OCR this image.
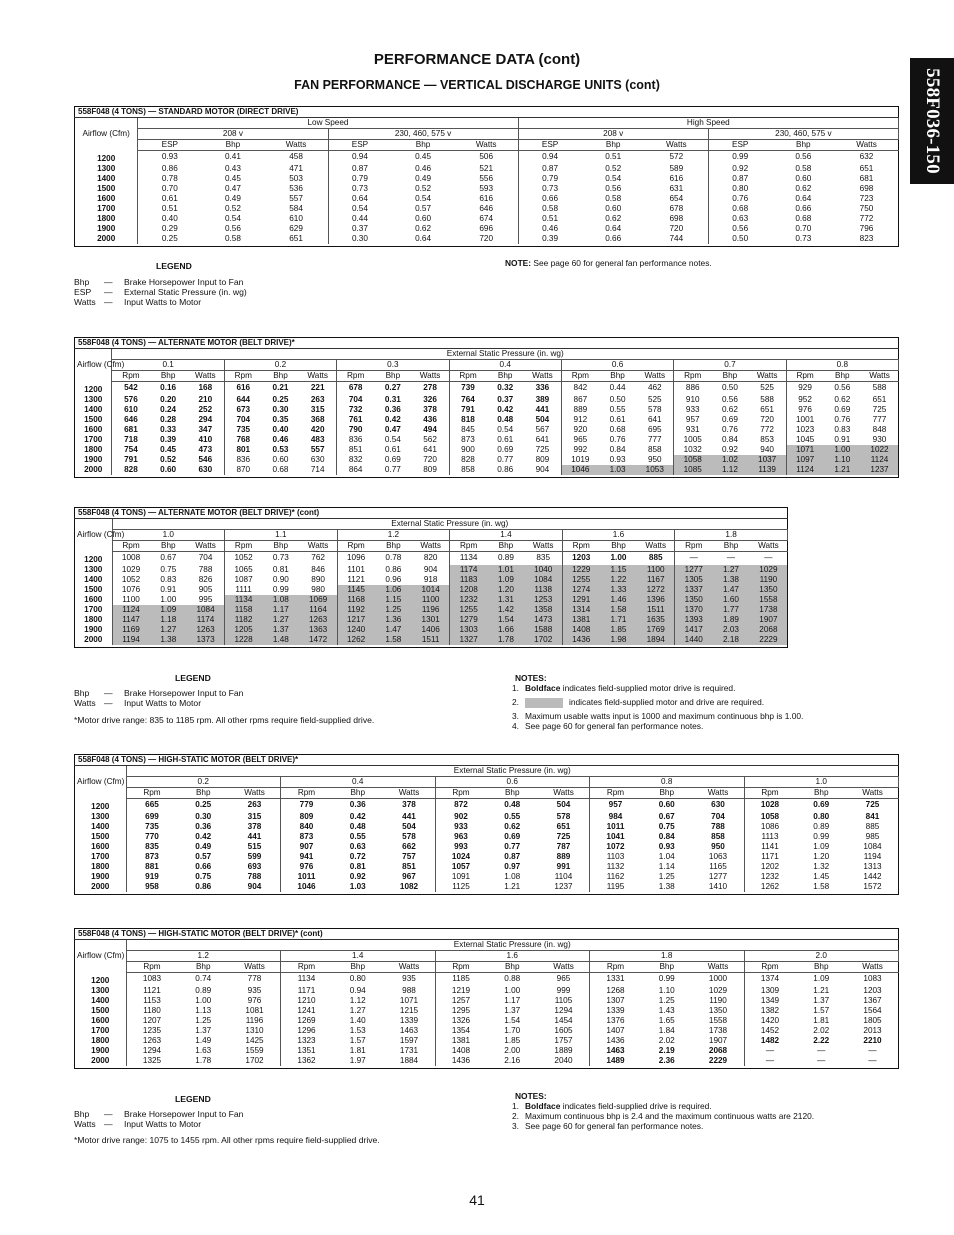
558F036-150
PERFORMANCE DATA (cont)
FAN PERFORMANCE — VERTICAL DISCHARGE UNITS (cont)
558F048 (4 TONS) — STANDARD MOTOR (DIRECT DRIVE)												
Airflow (Cfm)	Low Speed						High Speed					
	208 v			230, 460, 575 v			208 v			230, 460, 575 v		
	ESP	Bhp	Watts	ESP	Bhp	Watts	ESP	Bhp	Watts	ESP	Bhp	Watts
1200	0.93	0.41	458	0.94	0.45	506	0.94	0.51	572	0.99	0.56	632
1300	0.86	0.43	471	0.87	0.46	521	0.87	0.52	589	0.92	0.58	651
1400	0.78	0.45	503	0.79	0.49	556	0.79	0.54	616	0.87	0.60	681
1500	0.70	0.47	536	0.73	0.52	593	0.73	0.56	631	0.80	0.62	698
1600	0.61	0.49	557	0.64	0.54	616	0.66	0.58	654	0.76	0.64	723
1700	0.51	0.52	584	0.54	0.57	646	0.58	0.60	678	0.68	0.66	750
1800	0.40	0.54	610	0.44	0.60	674	0.51	0.62	698	0.63	0.68	772
1900	0.29	0.56	629	0.37	0.62	696	0.46	0.64	720	0.56	0.70	796
2000	0.25	0.58	651	0.30	0.64	720	0.39	0.66	744	0.50	0.73	823

LEGEND
Bhp	—	Brake Horsepower Input to Fan
ESP	—	External Static Pressure (in. wg)
Watts —	Input Watts to Motor
NOTE: See page 60 for general fan performance notes.
558F048 (4 TONS) — ALTERNATE MOTOR (BELT DRIVE)*																					
Airflow (Cfm)	External Static Pressure (in. wg)																				
	0.1			0.2			0.3			0.4			0.6			0.7			0.8		
	Rpm	Bhp	Watts	Rpm	Bhp	Watts	Rpm	Bhp	Watts	Rpm	Bhp	Watts	Rpm	Bhp	Watts	Rpm	Bhp	Watts	Rpm	Bhp	Watts
1200	542	0.16	168	616	0.21	221	678	0.27	278	739	0.32	336	842	0.44	462	886	0.50	525	929	0.56	588
1300	576	0.20	210	644	0.25	263	704	0.31	326	764	0.37	389	867	0.50	525	910	0.56	588	952	0.62	651
1400	610	0.24	252	673	0.30	315	732	0.36	378	791	0.42	441	889	0.55	578	933	0.62	651	976	0.69	725
1500	646	0.28	294	704	0.35	368	761	0.42	436	818	0.48	504	912	0.61	641	957	0.69	720	1001	0.76	777
1600	681	0.33	347	735	0.40	420	790	0.47	494	845	0.54	567	920	0.68	695	931	0.76	772	1023	0.83	848
1700	718	0.39	410	768	0.46	483	836	0.54	562	873	0.61	641	965	0.76	777	1005	0.84	853	1045	0.91	930
1800	754	0.45	473	801	0.53	557	851	0.61	641	900	0.69	725	992	0.84	858	1032	0.92	940	1071	1.00	1022
1900	791	0.52	546	836	0.60	630	832	0.69	720	828	0.77	809	1019	0.93	950	1058	1.02	1037	1097	1.10	1124
2000	828	0.60	630	870	0.68	714	864	0.77	809	858	0.86	904	1046	1.03	1053	1085	1.12	1139	1124	1.21	1237

558F048 (4 TONS) — ALTERNATE MOTOR (BELT DRIVE)* (cont)																		
Airflow (Cfm)	External Static Pressure (in. wg)																	
	1.0			1.1			1.2			1.4			1.6			1.8		
	Rpm	Bhp	Watts	Rpm	Bhp	Watts	Rpm	Bhp	Watts	Rpm	Bhp	Watts	Rpm	Bhp	Watts	Rpm	Bhp	Watts
1200	1008	0.67	704	1052	0.73	762	1096	0.78	820	1134	0.89	835	1203	1.00	885	—	—	—
1300	1029	0.75	788	1065	0.81	846	1101	0.86	904	1174	1.01	1040	1229	1.15	1100	1277	1.27	1029
1400	1052	0.83	826	1087	0.90	890	1121	0.96	918	1183	1.09	1084	1255	1.22	1167	1305	1.38	1190
1500	1076	0.91	905	1111	0.99	980	1145	1.06	1014	1208	1.20	1138	1274	1.33	1272	1337	1.47	1350
1600	1100	1.00	995	1134	1.08	1069	1168	1.15	1100	1232	1.31	1253	1291	1.46	1396	1350	1.60	1558
1700	1124	1.09	1084	1158	1.17	1164	1192	1.25	1196	1255	1.42	1358	1314	1.58	1511	1370	1.77	1738
1800	1147	1.18	1174	1182	1.27	1263	1217	1.36	1301	1279	1.54	1473	1381	1.71	1635	1393	1.89	1907
1900	1169	1.27	1263	1205	1.37	1363	1240	1.47	1406	1303	1.66	1588	1408	1.85	1769	1417	2.03	2068
2000	1194	1.38	1373	1228	1.48	1472	1262	1.58	1511	1327	1.78	1702	1436	1.98	1894	1440	2.18	2229

LEGEND
Bhp	—	Brake Horsepower Input to Fan
Watts —	Input Watts to Motor
*Motor drive range: 835 to 1185 rpm. All other rpms require field-supplied drive.
NOTES:
1. Boldface indicates field-supplied motor drive is required.
2.	indicates field-supplied motor and drive are required.
3. Maximum usable watts input is 1000 and maximum continuous bhp is 1.00.
4. See page 60 for general fan performance notes.
558F048 (4 TONS) — HIGH-STATIC MOTOR (BELT DRIVE)*															
Airflow (Cfm)	External Static Pressure (in. wg)														
	0.2			0.4			0.6			0.8			1.0		
	Rpm	Bhp	Watts	Rpm	Bhp	Watts	Rpm	Bhp	Watts	Rpm	Bhp	Watts	Rpm	Bhp	Watts
1200	665	0.25	263	779	0.36	378	872	0.48	504	957	0.60	630	1028	0.69	725
1300	699	0.30	315	809	0.42	441	902	0.55	578	984	0.67	704	1058	0.80	841
1400	735	0.36	378	840	0.48	504	933	0.62	651	1011	0.75	788	1086	0.89	885
1500	770	0.42	441	873	0.55	578	963	0.69	725	1041	0.84	858	1113	0.99	985
1600	835	0.49	515	907	0.63	662	993	0.77	787	1072	0.93	950	1141	1.09	1084
1700	873	0.57	599	941	0.72	757	1024	0.87	889	1103	1.04	1063	1171	1.20	1194
1800	881	0.66	693	976	0.81	851	1057	0.97	991	1132	1.14	1165	1202	1.32	1313
1900	919	0.75	788	1011	0.92	967	1091	1.08	1104	1162	1.25	1277	1232	1.45	1442
2000	958	0.86	904	1046	1.03	1082	1125	1.21	1237	1195	1.38	1410	1262	1.58	1572

558F048 (4 TONS) — HIGH-STATIC MOTOR (BELT DRIVE)* (cont)															
Airflow (Cfm)	External Static Pressure (in. wg)														
	1.2			1.4			1.6			1.8			2.0		
	Rpm	Bhp	Watts	Rpm	Bhp	Watts	Rpm	Bhp	Watts	Rpm	Bhp	Watts	Rpm	Bhp	Watts
1200	1083	0.74	778	1134	0.80	935	1185	0.88	965	1331	0.99	1000	1374	1.09	1083
1300	1121	0.89	935	1171	0.94	988	1219	1.00	999	1268	1.10	1029	1309	1.21	1203
1400	1153	1.00	976	1210	1.12	1071	1257	1.17	1105	1307	1.25	1190	1349	1.37	1367
1500	1180	1.13	1081	1241	1.27	1215	1295	1.37	1294	1339	1.43	1350	1382	1.57	1564
1600	1207	1.25	1196	1269	1.40	1339	1326	1.54	1454	1376	1.65	1558	1420	1.81	1805
1700	1235	1.37	1310	1296	1.53	1463	1354	1.70	1605	1407	1.84	1738	1452	2.02	2013
1800	1263	1.49	1425	1323	1.57	1597	1381	1.85	1757	1436	2.02	1907	1482	2.22	2210
1900	1294	1.63	1559	1351	1.81	1731	1408	2.00	1889	1463	2.19	2068	—	—	—
2000	1325	1.78	1702	1362	1.97	1884	1436	2.16	2040	1489	2.36	2229	—	—	—

LEGEND
Bhp	—	Brake Horsepower Input to Fan
Watts —	Input Watts to Motor
*Motor drive range: 1075 to 1455 rpm. All other rpms require field-supplied drive.
NOTES:
1. Boldface indicates field-supplied drive is required.
2. Maximum continuous bhp is 2.4 and the maximum continuous watts are 2120.
3. See page 60 for general fan performance notes.
41
